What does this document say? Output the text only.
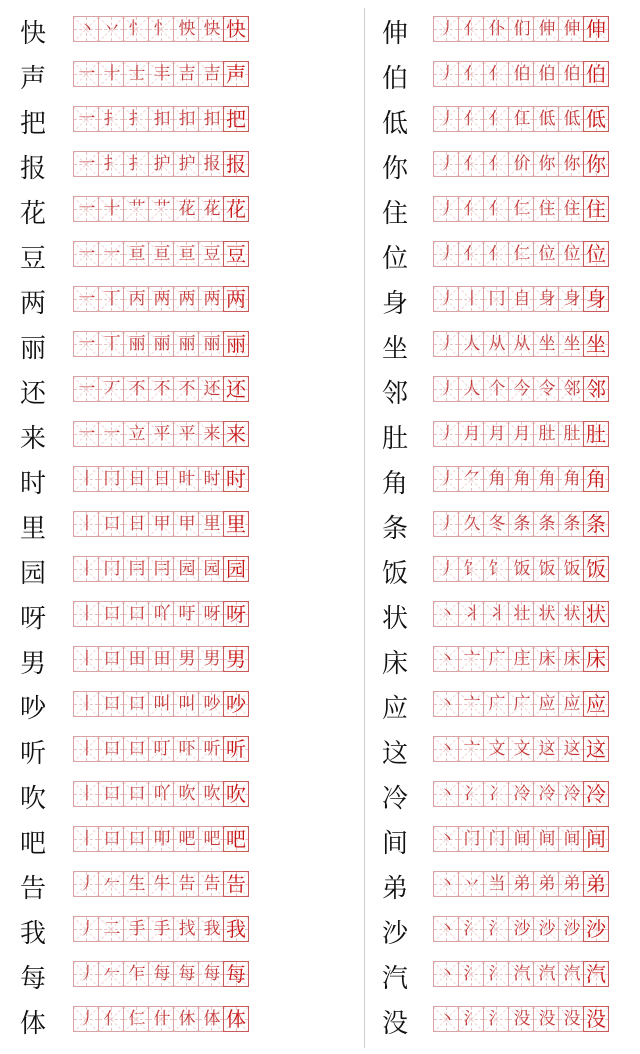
快	丶 丷 忄 忄 怏 快 快
声	一 十 士 丰 吉 吉 声
把	一 扌 扌 扣 扣 扣 把
报	一 扌 扌 护 护 报 报
花	一 十 艹 艹 花 花 花
豆	一 一 亘 亘 亘 豆 豆
两	一 丅 丙 两 两 两 两
丽	一 丅 丽 丽 丽 丽 丽
还	一 丆 不 不 不 还 还
来	一 一 立 平 平 来 来
时	丨 冂 日 日 旪 时 时
里	丨 口 日 甲 甲 里 里
园	丨 冂 冃 冃 园 园 园
呀	丨 口 口 吖 吁 呀 呀
男	丨 口 田 田 男 男 男
吵	丨 口 口 叫 叫 吵 吵
听	丨 口 口 叮 吓 听 听
吹	丨 口 口 吖 吹 吹 吹
吧	丨 口 口 叩 吧 吧 吧
告	丿 𠂉 生 牛 告 告 告
我	丿 二 手 手 找 我 我
每	丿 𠂉 乍 每 每 每 每
体	丿 亻 仁 什 休 体 体
伸	丿 亻 仆 们 伸 伸 伸
伯	丿 亻 亻 伯 伯 伯 伯
低	丿 亻 亻 仜 低 低 低
你	丿 亻 亻 价 你 你 你
住	丿 亻 亻 仁 住 住 住
位	丿 亻 亻 仁 位 位 位
身	丿 丨 冂 自 身 身 身
坐	丿 人 从 从 坐 坐 坐
邻	丿 人 个 今 令 邻 邻
肚	丿 月 月 月 肚 肚 肚
角	丿 ⺈ 角 角 角 角 角
条	丿 久 冬 条 条 条 条
饭	丿 饣 饣 饭 饭 饭 饭
状	丶 丬 丬 壮 状 状 状
床	丶 亠 广 庄 床 床 床
应	丶 亠 广 广 应 应 应
这	丶 亠 文 文 这 这 这
冷	丶 冫 冫 冷 冷 冷 冷
间	丶 门 门 间 间 间 间
弟	丶 丷 当 弟 弟 弟 弟
沙	丶 氵 氵 沙 沙 沙 沙
汽	丶 氵 氵 汽 汽 汽 汽
没	丶 氵 氵 没 没 没 没
